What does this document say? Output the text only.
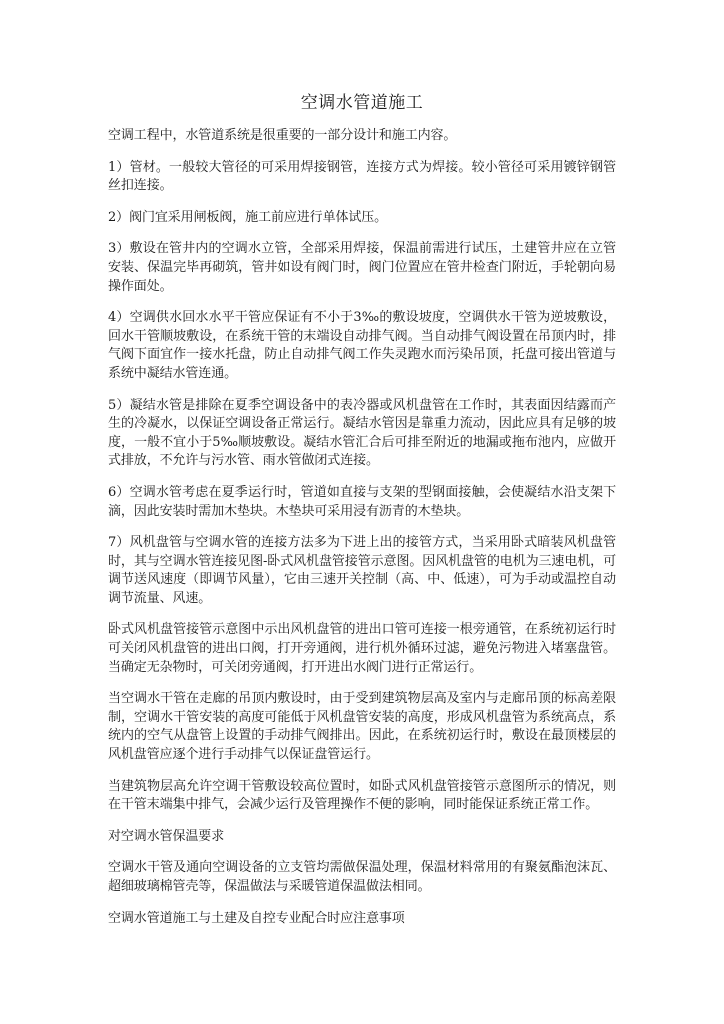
空调水管道施工

空调工程中，水管道系统是很重要的一部分设计和施工内容。

1）管材。一般较大管径的可采用焊接钢管，连接方式为焊接。较小管径可采用镀锌钢管丝扣连接。

2）阀门宜采用闸板阀，施工前应进行单体试压。

3）敷设在管井内的空调水立管，全部采用焊接，保温前需进行试压，土建管井应在立管安装、保温完毕再砌筑，管井如设有阀门时，阀门位置应在管井检查门附近，手轮朝向易操作面处。

4）空调供水回水水平干管应保证有不小于3‰的敷设坡度，空调供水干管为逆坡敷设，回水干管顺坡敷设，在系统干管的末端设自动排气阀。当自动排气阀设置在吊顶内时，排气阀下面宜作一接水托盘，防止自动排气阀工作失灵跑水而污染吊顶，托盘可接出管道与系统中凝结水管连通。

5）凝结水管是排除在夏季空调设备中的表冷器或风机盘管在工作时，其表面因结露而产生的冷凝水，以保证空调设备正常运行。凝结水管因是靠重力流动，因此应具有足够的坡度，一般不宜小于5‰顺坡敷设。凝结水管汇合后可排至附近的地漏或拖布池内，应做开式排放，不允许与污水管、雨水管做闭式连接。

6）空调水管考虑在夏季运行时，管道如直接与支架的型钢面接触，会使凝结水沿支架下滴，因此安装时需加木垫块。木垫块可采用浸有沥青的木垫块。

7）风机盘管与空调水管的连接方法多为下进上出的接管方式，当采用卧式暗装风机盘管时，其与空调水管连接见图-卧式风机盘管接管示意图。因风机盘管的电机为三速电机，可调节送风速度（即调节风量），它由三速开关控制（高、中、低速），可为手动或温控自动调节流量、风速。

卧式风机盘管接管示意图中示出风机盘管的进出口管可连接一根旁通管，在系统初运行时可关闭风机盘管的进出口阀，打开旁通阀，进行机外循环过滤，避免污物进入堵塞盘管。当确定无杂物时，可关闭旁通阀，打开进出水阀门进行正常运行。

当空调水干管在走廊的吊顶内敷设时，由于受到建筑物层高及室内与走廊吊顶的标高差限制，空调水干管安装的高度可能低于风机盘管安装的高度，形成风机盘管为系统高点，系统内的空气从盘管上设置的手动排气阀排出。因此，在系统初运行时，敷设在最顶楼层的风机盘管应逐个进行手动排气以保证盘管运行。

当建筑物层高允许空调干管敷设较高位置时，如卧式风机盘管接管示意图所示的情况，则在干管末端集中排气，会减少运行及管理操作不便的影响，同时能保证系统正常工作。

对空调水管保温要求

空调水干管及通向空调设备的立支管均需做保温处理，保温材料常用的有聚氨酯泡沫瓦、超细玻璃棉管壳等，保温做法与采暖管道保温做法相同。

空调水管道施工与土建及自控专业配合时应注意事项
